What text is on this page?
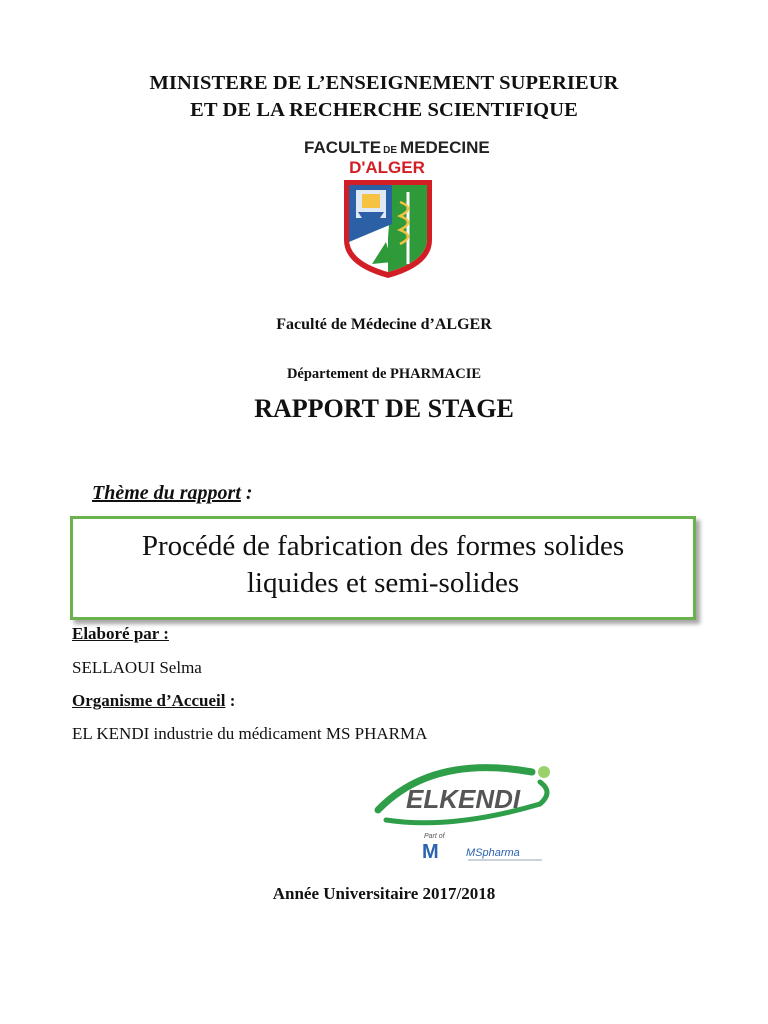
MINISTERE DE L’ENSEIGNEMENT SUPERIEUR
ET DE LA RECHERCHE SCIENTIFIQUE
FACULTE DE MEDECINE
D'ALGER
Faculté de Médecine d’ALGER
Département de PHARMACIE
RAPPORT DE STAGE
Thème du rapport :
Procédé de fabrication des formes solides
liquides et semi-solides
Elaboré par :
SELLAOUI Selma
Organisme d’Accueil :
EL KENDI industrie du médicament MS PHARMA
ELKENDI
Part of
M MSpharma
Année Universitaire 2017/2018
